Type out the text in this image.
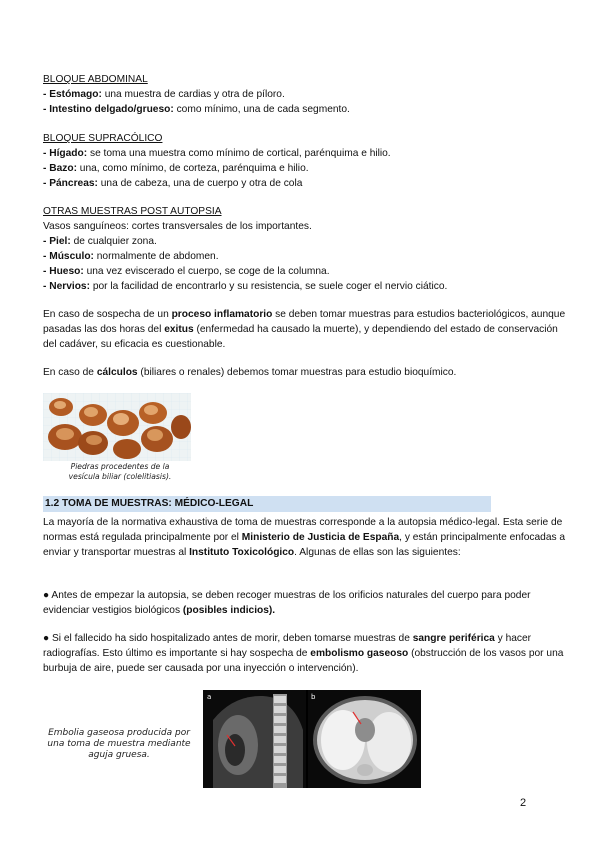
BLOQUE ABDOMINAL

- Estómago: una muestra de cardias y otra de píloro.

- Intestino delgado/grueso: como mínimo, una de cada segmento.

BLOQUE SUPRACÓLICO

- Hígado: se toma una muestra como mínimo de cortical, parénquima e hilio.

- Bazo: una, como mínimo, de corteza, parénquima e hilio.

- Páncreas: una de cabeza, una de cuerpo y otra de cola

OTRAS MUESTRAS POST AUTOPSIA

Vasos sanguíneos: cortes transversales de los importantes.

- Piel: de cualquier zona.

- Músculo: normalmente de abdomen.

- Hueso: una vez eviscerado el cuerpo, se coge de la columna.

- Nervios: por la facilidad de encontrarlo y su resistencia, se suele coger el nervio ciático.

En caso de sospecha de un proceso inflamatorio se deben tomar muestras para estudios bacteriológicos, aunque pasadas las dos horas del exitus (enfermedad ha causado la muerte), y dependiendo del estado de conservación del cadáver, su eficacia es cuestionable.

En caso de cálculos (biliares o renales) debemos tomar muestras para estudio bioquímico.

Piedras procedentes de la
vesícula biliar (colelitiasis).
1.2 TOMA DE MUESTRAS: MÉDICO-LEGAL

La mayoría de la normativa exhaustiva de toma de muestras corresponde a la autopsia médico-legal. Esta serie de normas está regulada principalmente por el Ministerio de Justicia de España, y están principalmente enfocadas a enviar y transportar muestras al Instituto Toxicológico. Algunas de ellas son las siguientes:

● Antes de empezar la autopsia, se deben recoger muestras de los orificios naturales del cuerpo para poder evidenciar vestigios biológicos (posibles indicios).

● Si el fallecido ha sido hospitalizado antes de morir, deben tomarse muestras de sangre periférica y hacer radiografías. Esto último es importante si hay sospecha de embolismo gaseoso (obstrucción de los vasos por una burbuja de aire, puede ser causada por una inyección o intervención).

Embolia gaseosa producida por
una toma de muestra mediante
aguja gruesa.
a	b
2
